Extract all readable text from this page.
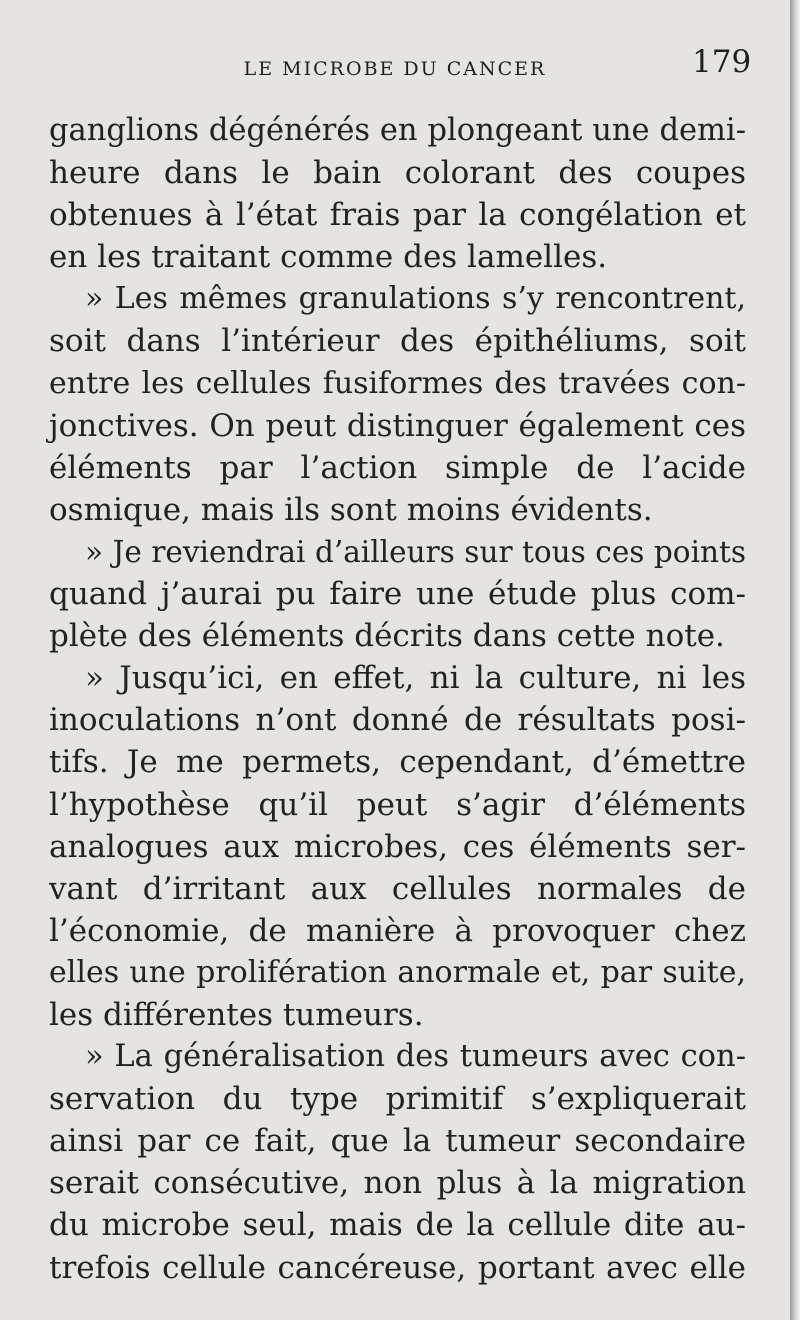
LE MICROBE DU CANCER	179
ganglions dégénérés en plongeant une demi-
heure dans le bain colorant des coupes
obtenues à l’état frais par la congélation et
en les traitant comme des lamelles.
» Les mêmes granulations s’y rencontrent,
soit dans l’intérieur des épithéliums, soit
entre les cellules fusiformes des travées con-
jonctives. On peut distinguer également ces
éléments par l’action simple de l’acide
osmique, mais ils sont moins évidents.
» Je reviendrai d’ailleurs sur tous ces points
quand j’aurai pu faire une étude plus com-
plète des éléments décrits dans cette note.
» Jusqu’ici, en effet, ni la culture, ni les
inoculations n’ont donné de résultats posi-
tifs. Je me permets, cependant, d’émettre
l’hypothèse qu’il peut s’agir d’éléments
analogues aux microbes, ces éléments ser-
vant d’irritant aux cellules normales de
l’économie, de manière à provoquer chez
elles une prolifération anormale et, par suite,
les différentes tumeurs.
» La généralisation des tumeurs avec con-
servation du type primitif s’expliquerait
ainsi par ce fait, que la tumeur secondaire
serait consécutive, non plus à la migration
du microbe seul, mais de la cellule dite au-
trefois cellule cancéreuse, portant avec elle
